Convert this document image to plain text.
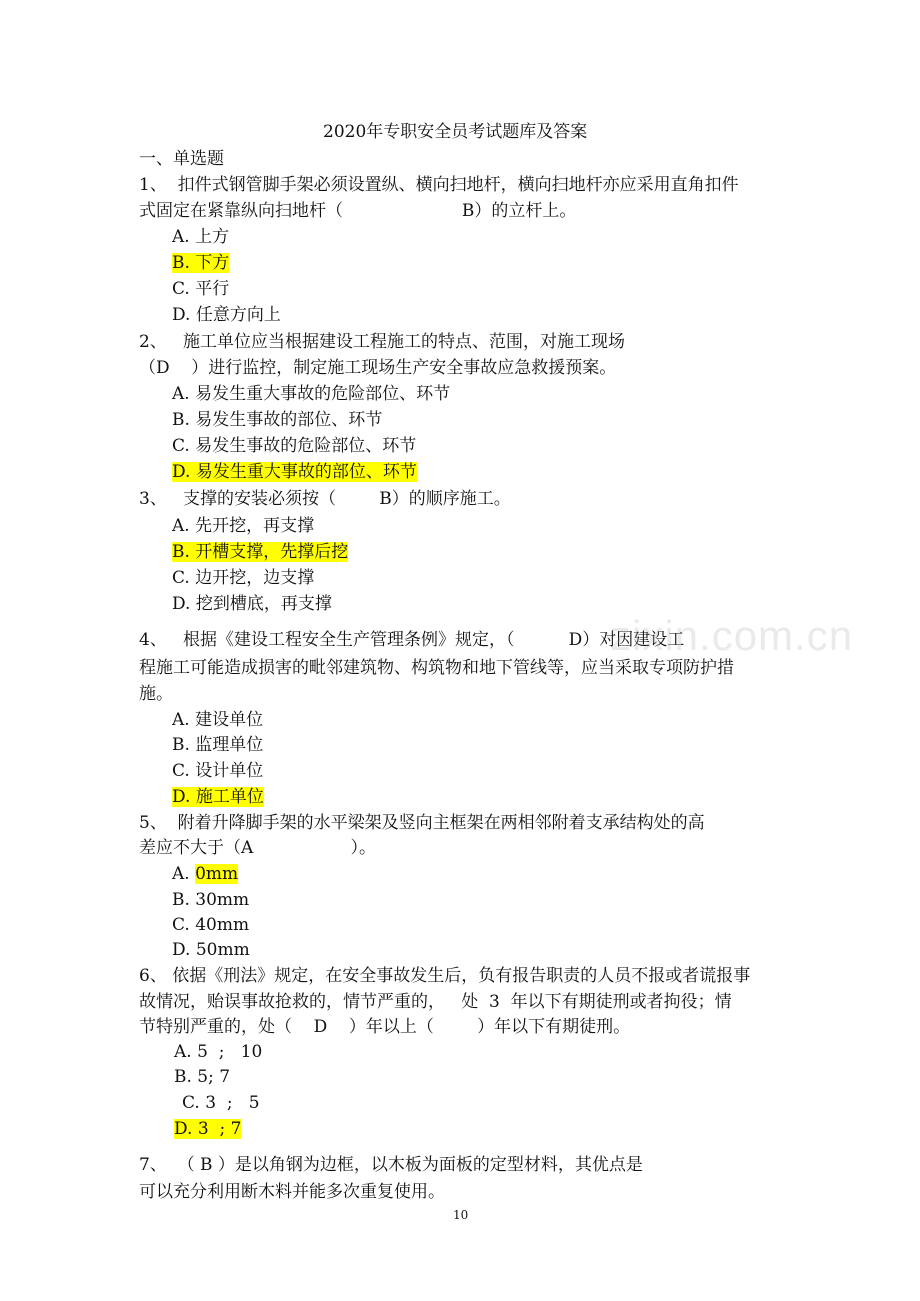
2020年专职安全员考试题库及答案
一、单选题
1、  扣件式钢管脚手架必须设置纵、横向扫地杆，横向扫地杆亦应采用直角扣件
式固定在紧靠纵向扫地杆（                      B）的立杆上。
A. 上方
B. 下方
C. 平行
D. 任意方向上
2、   施工单位应当根据建设工程施工的特点、范围，对施工现场
（D    ）进行监控，制定施工现场生产安全事故应急救援预案。
A. 易发生重大事故的危险部位、环节
B. 易发生事故的部位、环节
C. 易发生事故的危险部位、环节
D. 易发生重大事故的部位、环节
3、   支撑的安装必须按（        B）的顺序施工。
A. 先开挖，再支撑
B. 开槽支撑，先撑后挖
C. 边开挖，边支撑
D. 挖到槽底，再支撑
4、   根据《建设工程安全生产管理条例》规定，（          D）对因建设工
程施工可能造成损害的毗邻建筑物、构筑物和地下管线等，应当采取专项防护措
施。
A. 建设单位
B. 监理单位
C. 设计单位
D. 施工单位
5、  附着升降脚手架的水平梁架及竖向主框架在两相邻附着支承结构处的高
差应不大于（A                  ）。
A. 0mm
B. 30mm
C. 40mm
D. 50mm
6、 依据《刑法》规定，在安全事故发生后，负有报告职责的人员不报或者谎报事
故情况，贻误事故抢救的，情节严重的，   处  3  年以下有期徒刑或者拘役；情
节特别严重的，处（    D    ）年以上（        ）年以下有期徒刑。
A. 5  ;   10
B. 5; 7
C. 3  ;   5
D. 3  ; 7
7、  （ B ）是以角钢为边框，以木板为面板的定型材料，其优点是
可以充分利用断木料并能多次重复使用。
zixin.com.cn
10
